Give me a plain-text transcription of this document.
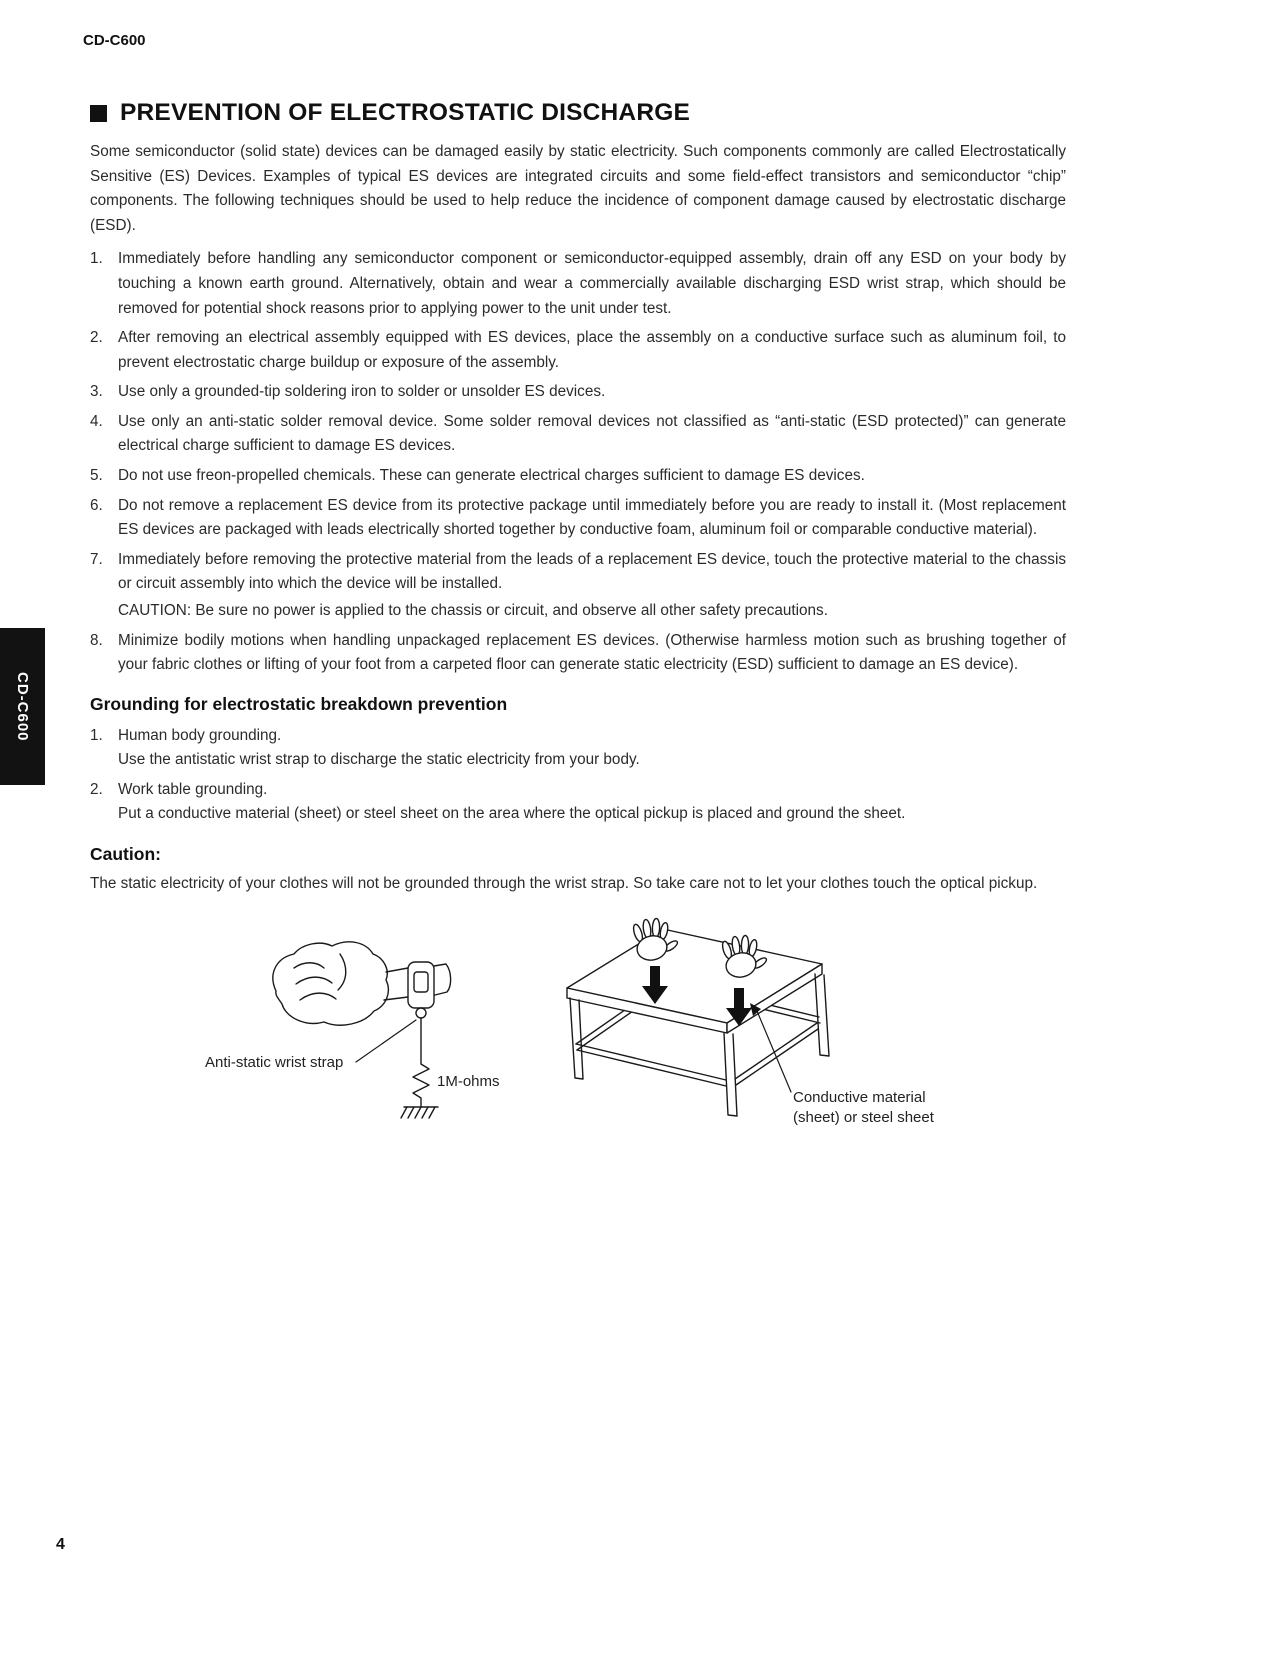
CD-C600
PREVENTION OF ELECTROSTATIC DISCHARGE
Some semiconductor (solid state) devices can be damaged easily by static electricity. Such components commonly are called Electrostatically Sensitive (ES) Devices. Examples of typical ES devices are integrated circuits and some field-effect transistors and semiconductor “chip” components. The following techniques should be used to help reduce the incidence of component damage caused by electrostatic discharge (ESD).
1. Immediately before handling any semiconductor component or semiconductor-equipped assembly, drain off any ESD on your body by touching a known earth ground. Alternatively, obtain and wear a commercially available discharging ESD wrist strap, which should be removed for potential shock reasons prior to applying power to the unit under test.
2. After removing an electrical assembly equipped with ES devices, place the assembly on a conductive surface such as aluminum foil, to prevent electrostatic charge buildup or exposure of the assembly.
3. Use only a grounded-tip soldering iron to solder or unsolder ES devices.
4. Use only an anti-static solder removal device. Some solder removal devices not classified as “anti-static (ESD protected)” can generate electrical charge sufficient to damage ES devices.
5. Do not use freon-propelled chemicals. These can generate electrical charges sufficient to damage ES devices.
6. Do not remove a replacement ES device from its protective package until immediately before you are ready to install it. (Most replacement ES devices are packaged with leads electrically shorted together by conductive foam, aluminum foil or comparable conductive material).
7. Immediately before removing the protective material from the leads of a replacement ES device, touch the protective material to the chassis or circuit assembly into which the device will be installed.
CAUTION: Be sure no power is applied to the chassis or circuit, and observe all other safety precautions.
8. Minimize bodily motions when handling unpackaged replacement ES devices. (Otherwise harmless motion such as brushing together of your fabric clothes or lifting of your foot from a carpeted floor can generate static electricity (ESD) sufficient to damage an ES device).
Grounding for electrostatic breakdown prevention
1. Human body grounding.
Use the antistatic wrist strap to discharge the static electricity from your body.
2. Work table grounding.
Put a conductive material (sheet) or steel sheet on the area where the optical pickup is placed and ground the sheet.
Caution:
The static electricity of your clothes will not be grounded through the wrist strap. So take care not to let your clothes touch the optical pickup.
Anti-static wrist strap
1M-ohms
Conductive material
(sheet) or steel sheet
CD-C600
4
